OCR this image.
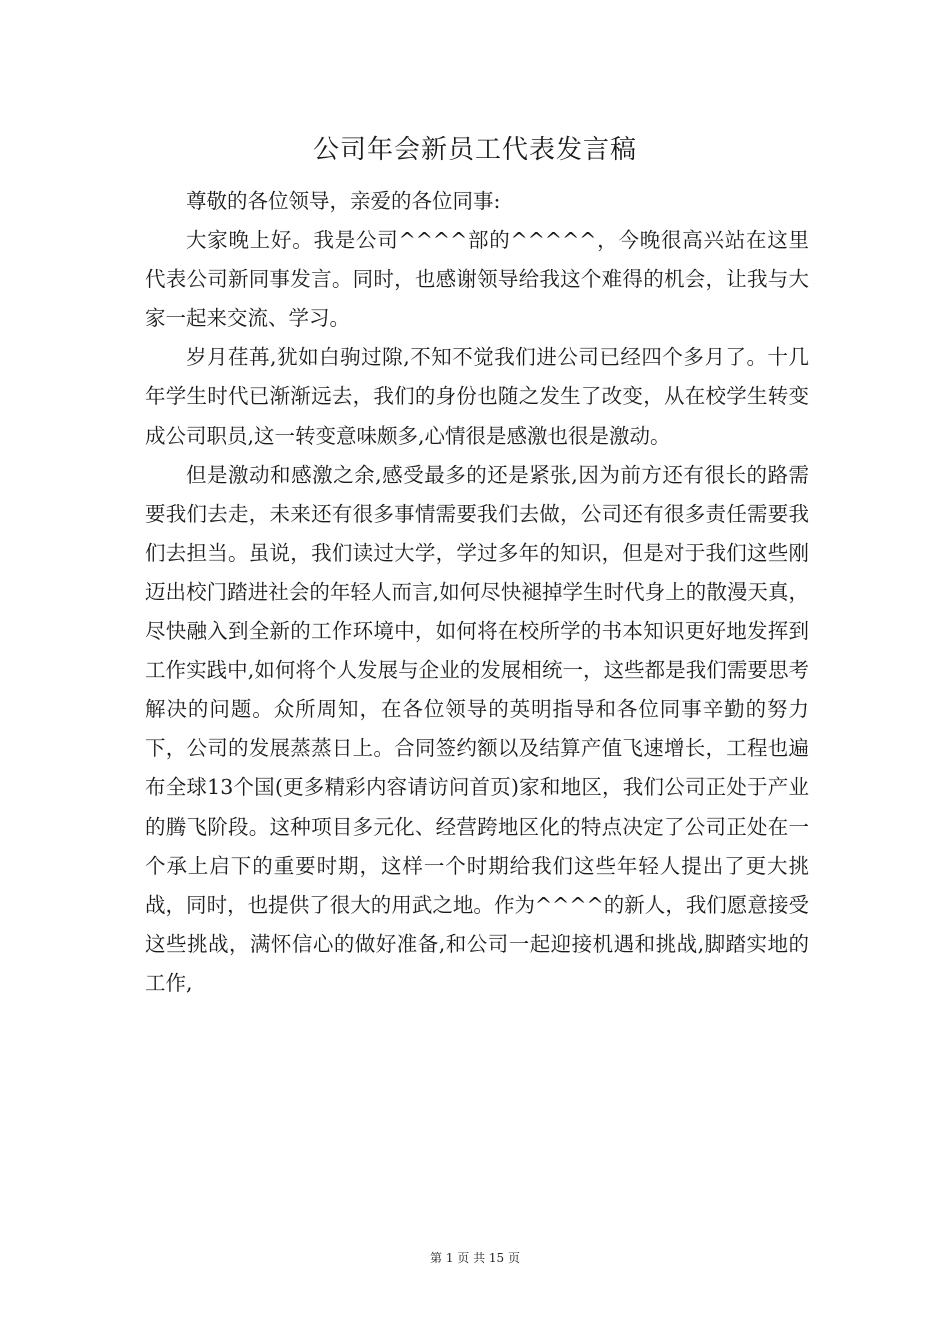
公司年会新员工代表发言稿

尊敬的各位领导，亲爱的各位同事:

大家晚上好。我是公司^^^^部的^^^^^，今晚很高兴站在这里代表公司新同事发言。同时，也感谢领导给我这个难得的机会，让我与大家一起来交流、学习。

岁月荏苒,犹如白驹过隙,不知不觉我们进公司已经四个多月了。十几年学生时代已渐渐远去，我们的身份也随之发生了改变，从在校学生转变成公司职员,这一转变意味颇多,心情很是感激也很是激动。

但是激动和感激之余,感受最多的还是紧张,因为前方还有很长的路需要我们去走，未来还有很多事情需要我们去做，公司还有很多责任需要我们去担当。虽说，我们读过大学，学过多年的知识，但是对于我们这些刚迈出校门踏进社会的年轻人而言,如何尽快褪掉学生时代身上的散漫天真，尽快融入到全新的工作环境中，如何将在校所学的书本知识更好地发挥到工作实践中,如何将个人发展与企业的发展相统一，这些都是我们需要思考解决的问题。众所周知，在各位领导的英明指导和各位同事辛勤的努力下，公司的发展蒸蒸日上。合同签约额以及结算产值飞速增长，工程也遍布全球13个国(更多精彩内容请访问首页)家和地区，我们公司正处于产业的腾飞阶段。这种项目多元化、经营跨地区化的特点决定了公司正处在一个承上启下的重要时期，这样一个时期给我们这些年轻人提出了更大挑战，同时，也提供了很大的用武之地。作为^^^^的新人，我们愿意接受这些挑战，满怀信心的做好准备,和公司一起迎接机遇和挑战,脚踏实地的工作,

第 1 页 共 15 页
